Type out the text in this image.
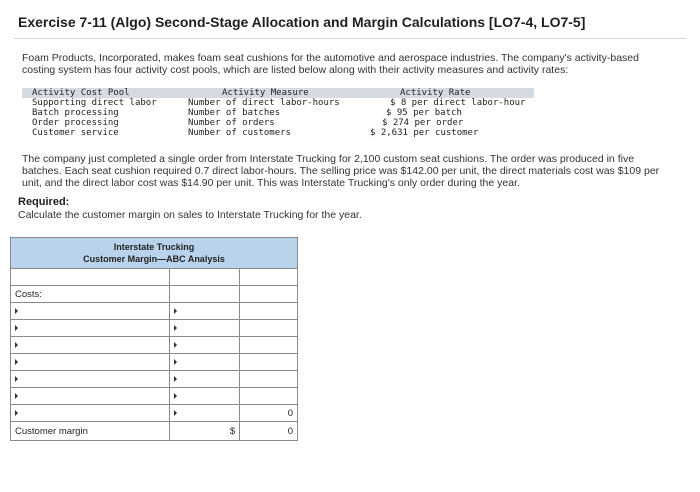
Exercise 7-11 (Algo) Second-Stage Allocation and Margin Calculations [LO7-4, LO7-5]
Foam Products, Incorporated, makes foam seat cushions for the automotive and aerospace industries. The company's activity-based costing system has four activity cost pools, which are listed below along with their activity measures and activity rates:
Activity Cost Pool	Activity Measure	Activity Rate
Supporting direct labor	Number of direct labor-hours	$ 8 per direct labor-hour
Batch processing	Number of batches	$ 95 per batch
Order processing	Number of orders	$ 274 per order
Customer service	Number of customers	$ 2,631 per customer
The company just completed a single order from Interstate Trucking for 2,100 custom seat cushions. The order was produced in five batches. Each seat cushion required 0.7 direct labor-hours. The selling price was $142.00 per unit, the direct materials cost was $109 per unit, and the direct labor cost was $14.90 per unit. This was Interstate Trucking's only order during the year.
Required:
Calculate the customer margin on sales to Interstate Trucking for the year.
Interstate Trucking
Customer Margin—ABC Analysis		

Costs:		

		0
Customer margin	$	0
